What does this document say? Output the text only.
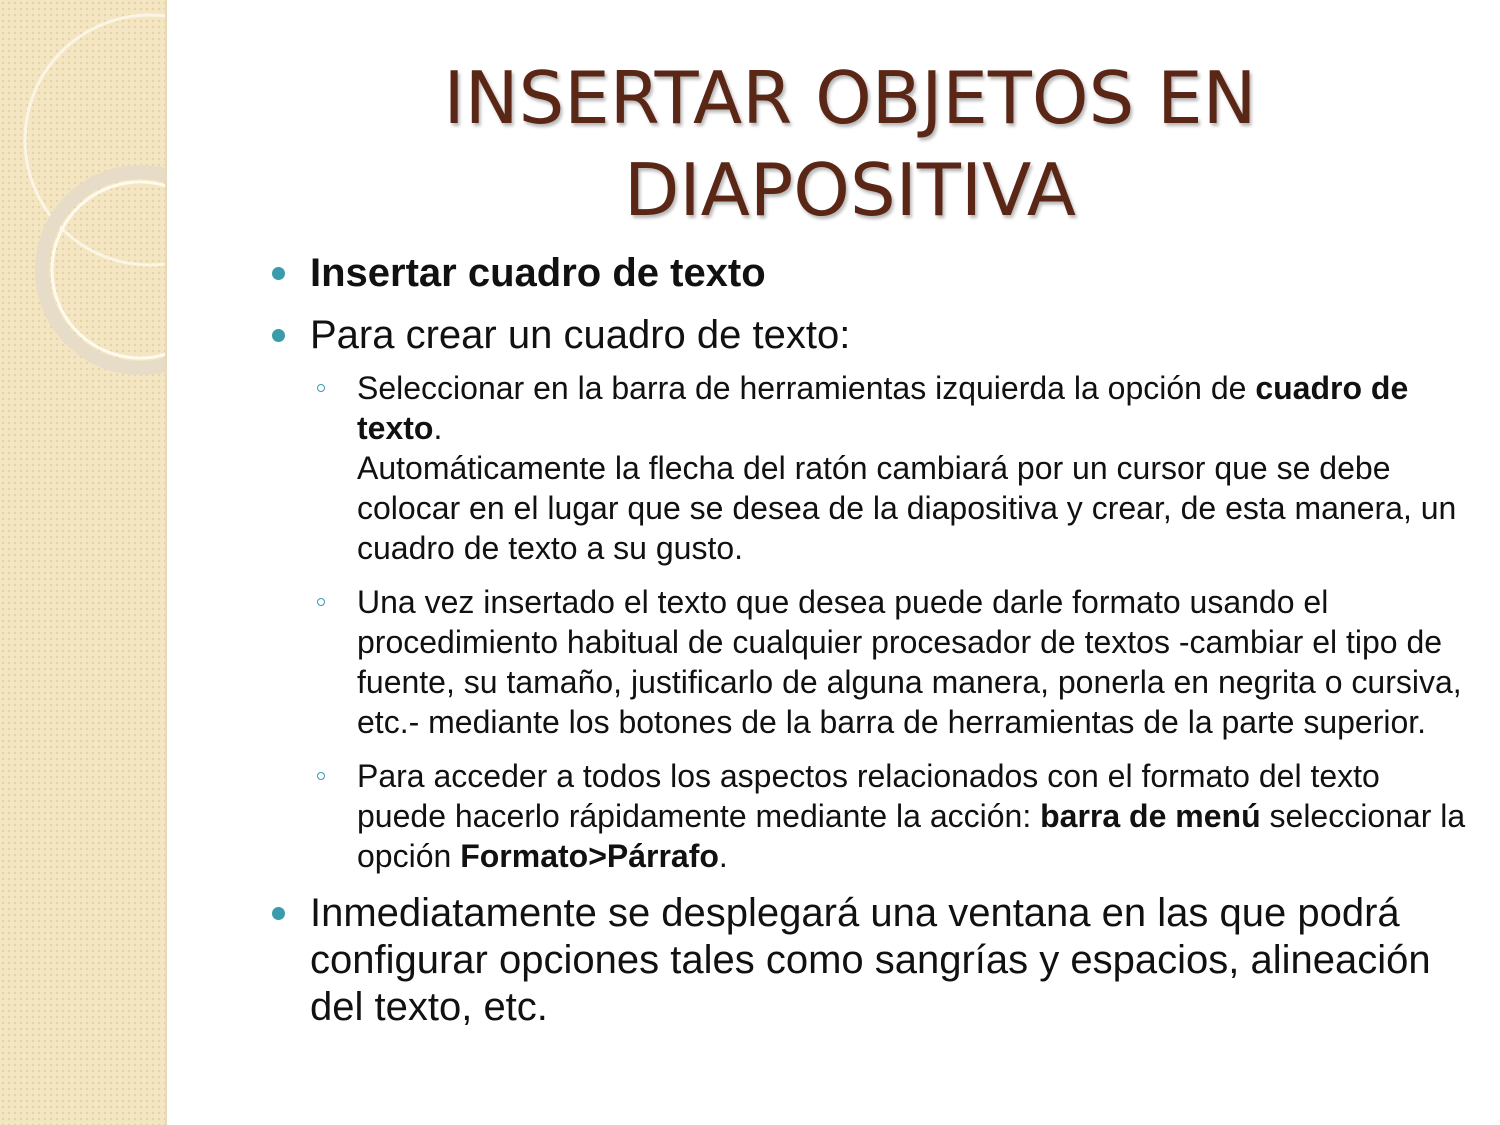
INSERTAR OBJETOS EN
DIAPOSITIVA
Insertar cuadro de texto
Para crear un cuadro de texto:
Seleccionar en la barra de herramientas izquierda la opción de cuadro de texto.
Automáticamente la flecha del ratón cambiará por un cursor que se debe colocar en el lugar que se desea de la diapositiva y crear, de esta manera, un cuadro de texto a su gusto.
Una vez insertado el texto que desea puede darle formato usando el procedimiento habitual de cualquier procesador de textos -cambiar el tipo de fuente, su tamaño, justificarlo de alguna manera, ponerla en negrita o cursiva, etc.- mediante los botones de la barra de herramientas de la parte superior.
Para acceder a todos los aspectos relacionados con el formato del texto puede hacerlo rápidamente mediante la acción: barra de menú seleccionar la opción Formato>Párrafo.
Inmediatamente se desplegará una ventana en las que podrá configurar opciones tales como sangrías y espacios, alineación del texto, etc.
